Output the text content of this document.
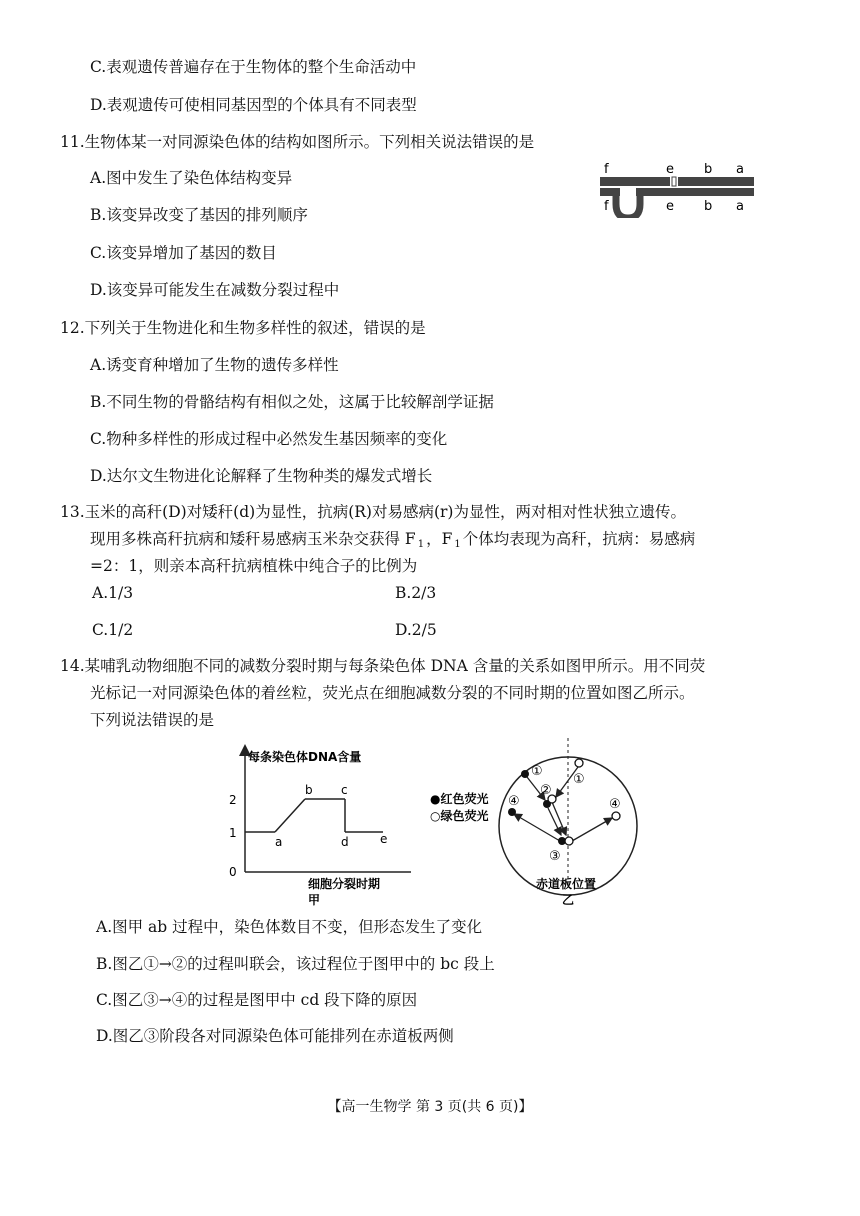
C.表观遗传普遍存在于生物体的整个生命活动中
D.表观遗传可使相同基因型的个体具有不同表型
11.生物体某一对同源染色体的结构如图所示。下列相关说法错误的是
A.图中发生了染色体结构变异
B.该变异改变了基因的排列顺序
C.该变异增加了基因的数目
D.该变异可能发生在减数分裂过程中
f	e b a
f	e b a
12.下列关于生物进化和生物多样性的叙述，错误的是
A.诱变育种增加了生物的遗传多样性
B.不同生物的骨骼结构有相似之处，这属于比较解剖学证据
C.物种多样性的形成过程中必然发生基因频率的变化
D.达尔文生物进化论解释了生物种类的爆发式增长
13.玉米的高秆(D)对矮秆(d)为显性，抗病(R)对易感病(r)为显性，两对相对性状独立遗传。
现用多株高秆抗病和矮秆易感病玉米杂交获得 F 1 ，F 1 个体均表现为高秆，抗病：易感病
=2：1，则亲本高秆抗病植株中纯合子的比例为
A.1/3	B.2/3
C.1/2	D.2/5
14.某哺乳动物细胞不同的减数分裂时期与每条染色体 DNA 含量的关系如图甲所示。用不同荧
光标记一对同源染色体的着丝粒，荧光点在细胞减数分裂的不同时期的位置如图乙所示。
下列说法错误的是
每条染色体DNA含量
2
1
0
a
b c
d	e
细胞分裂时期
甲
●红色荧光
○绿色荧光
①
①
②
③
④	④
赤道板位置
乙
A.图甲 ab 过程中，染色体数目不变，但形态发生了变化
B.图乙①→②的过程叫联会，该过程位于图甲中的 bc 段上
C.图乙③→④的过程是图甲中 cd 段下降的原因
D.图乙③阶段各对同源染色体可能排列在赤道板两侧
【高一生物学 第 3 页(共 6 页)】
